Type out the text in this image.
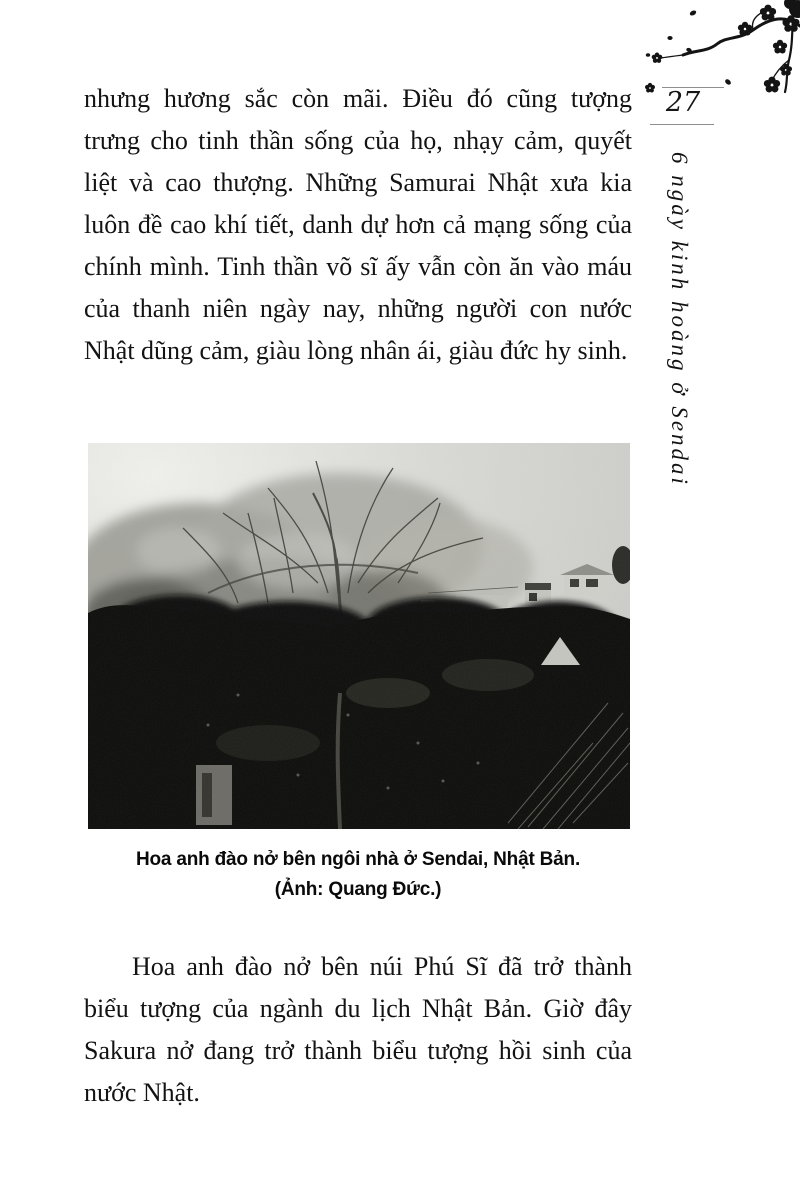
27
6 ngày kinh hoàng ở Sendai

nhưng hương sắc còn mãi. Điều đó cũng tượng trưng cho tinh thần sống của họ, nhạy cảm, quyết liệt và cao thượng. Những Samurai Nhật xưa kia luôn đề cao khí tiết, danh dự hơn cả mạng sống của chính mình. Tinh thần võ sĩ ấy vẫn còn ăn vào máu của thanh niên ngày nay, những người con nước Nhật dũng cảm, giàu lòng nhân ái, giàu đức hy sinh.

Hoa anh đào nở bên ngôi nhà ở Sendai, Nhật Bản.
(Ảnh: Quang Đức.)

Hoa anh đào nở bên núi Phú Sĩ đã trở thành biểu tượng của ngành du lịch Nhật Bản. Giờ đây Sakura nở đang trở thành biểu tượng hồi sinh của nước Nhật.
